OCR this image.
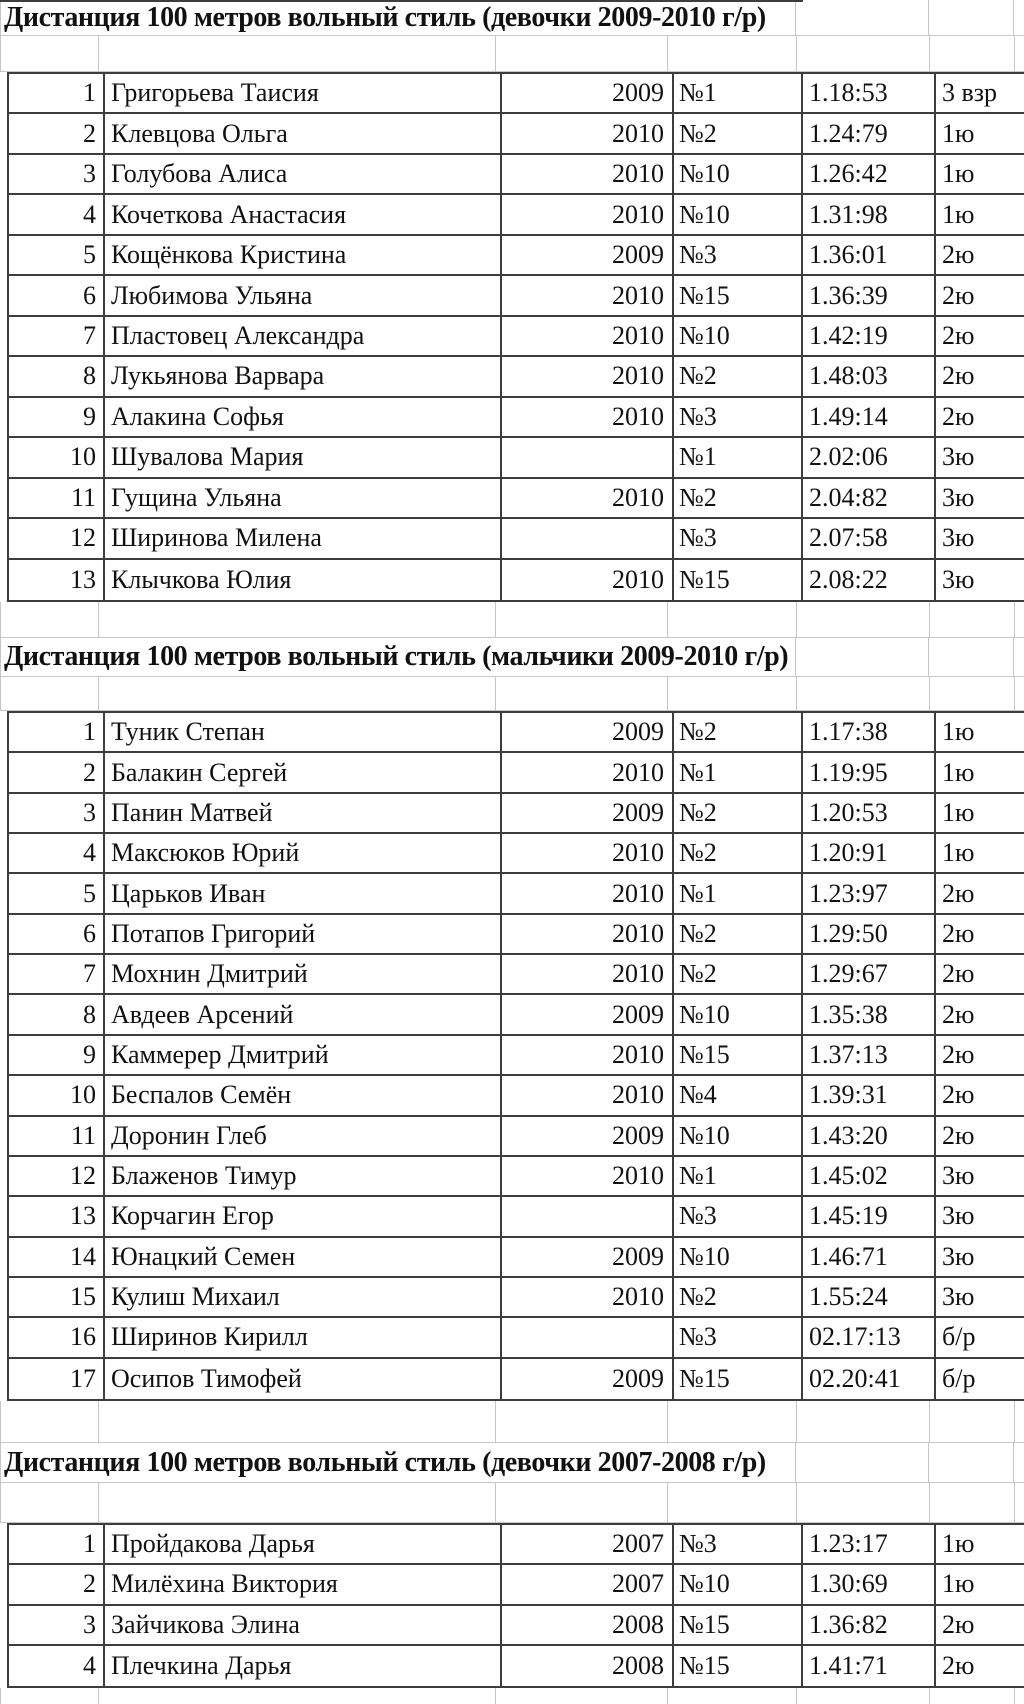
Дистанция 100 метров вольный стиль (девочки 2009-2010 г/р)
1 Григорьева Таисия	2009 №1	1.18:53	3 взр
2 Клевцова Ольга	2010 №2	1.24:79	1ю
3 Голубова Алиса	2010 №10	1.26:42	1ю
4 Кочеткова Анастасия	2010 №10	1.31:98	1ю
5 Кощёнкова Кристина	2009 №3	1.36:01	2ю
6 Любимова Ульяна	2010 №15	1.36:39	2ю
7 Пластовец Александра	2010 №10	1.42:19	2ю
8 Лукьянова Варвара	2010 №2	1.48:03	2ю
9 Алакина Софья	2010 №3	1.49:14	2ю
10 Шувалова Мария	№1	2.02:06	3ю
11 Гущина Ульяна	2010 №2	2.04:82	3ю
12 Ширинова Милена	№3	2.07:58	3ю
13 Клычкова Юлия	2010 №15	2.08:22	3ю
Дистанция 100 метров вольный стиль (мальчики 2009-2010 г/р)
1 Туник Степан	2009 №2	1.17:38	1ю
2 Балакин Сергей	2010 №1	1.19:95	1ю
3 Панин Матвей	2009 №2	1.20:53	1ю
4 Максюков Юрий	2010 №2	1.20:91	1ю
5 Царьков Иван	2010 №1	1.23:97	2ю
6 Потапов Григорий	2010 №2	1.29:50	2ю
7 Мохнин Дмитрий	2010 №2	1.29:67	2ю
8 Авдеев Арсений	2009 №10	1.35:38	2ю
9 Каммерер Дмитрий	2010 №15	1.37:13	2ю
10 Беспалов Семён	2010 №4	1.39:31	2ю
11 Доронин Глеб	2009 №10	1.43:20	2ю
12 Блаженов Тимур	2010 №1	1.45:02	3ю
13 Корчагин Егор	№3	1.45:19	3ю
14 Юнацкий Семен	2009 №10	1.46:71	3ю
15 Кулиш Михаил	2010 №2	1.55:24	3ю
16 Ширинов Кирилл	№3	02.17:13	б/р
17 Осипов Тимофей	2009 №15	02.20:41	б/р
Дистанция 100 метров вольный стиль (девочки 2007-2008 г/р)
1 Пройдакова Дарья	2007 №3	1.23:17	1ю
2 Милёхина Виктория	2007 №10	1.30:69	1ю
3 Зайчикова Элина	2008 №15	1.36:82	2ю
4 Плечкина Дарья	2008 №15	1.41:71	2ю
